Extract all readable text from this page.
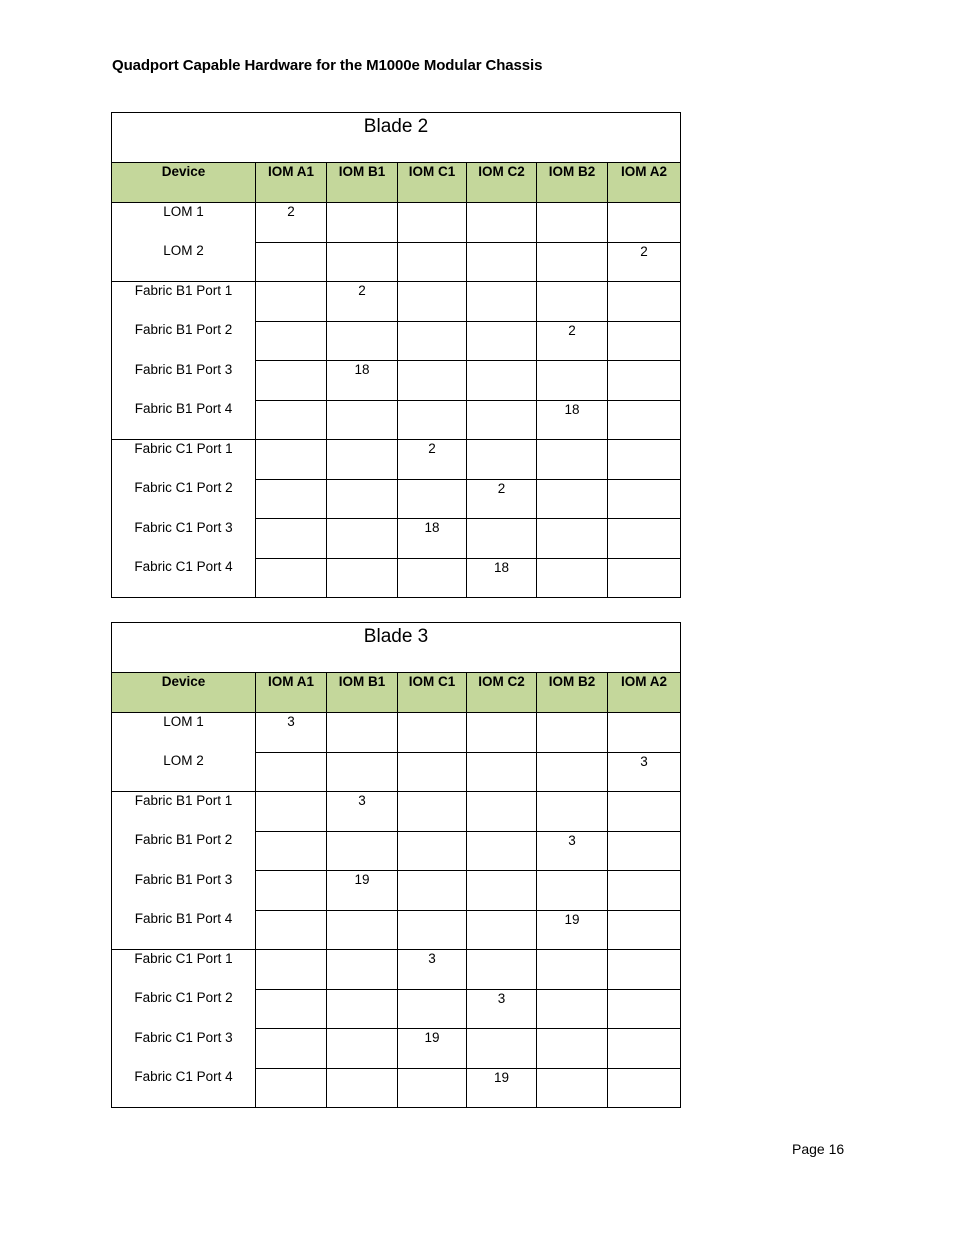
Quadport Capable Hardware for the M1000e Modular Chassis
Blade 2						
Device	IOM A1	IOM B1	IOM C1	IOM C2	IOM B2	IOM A2
LOM 1	2					
LOM 2						2
Fabric B1 Port 1		2				
Fabric B1 Port 2					2	
Fabric B1 Port 3		18				
Fabric B1 Port 4					18	
Fabric C1 Port 1			2			
Fabric C1 Port 2				2		
Fabric C1 Port 3			18			
Fabric C1 Port 4				18		
Blade 3						
Device	IOM A1	IOM B1	IOM C1	IOM C2	IOM B2	IOM A2
LOM 1	3					
LOM 2						3
Fabric B1 Port 1		3				
Fabric B1 Port 2					3	
Fabric B1 Port 3		19				
Fabric B1 Port 4					19	
Fabric C1 Port 1			3			
Fabric C1 Port 2				3		
Fabric C1 Port 3			19			
Fabric C1 Port 4				19		
Page 16
